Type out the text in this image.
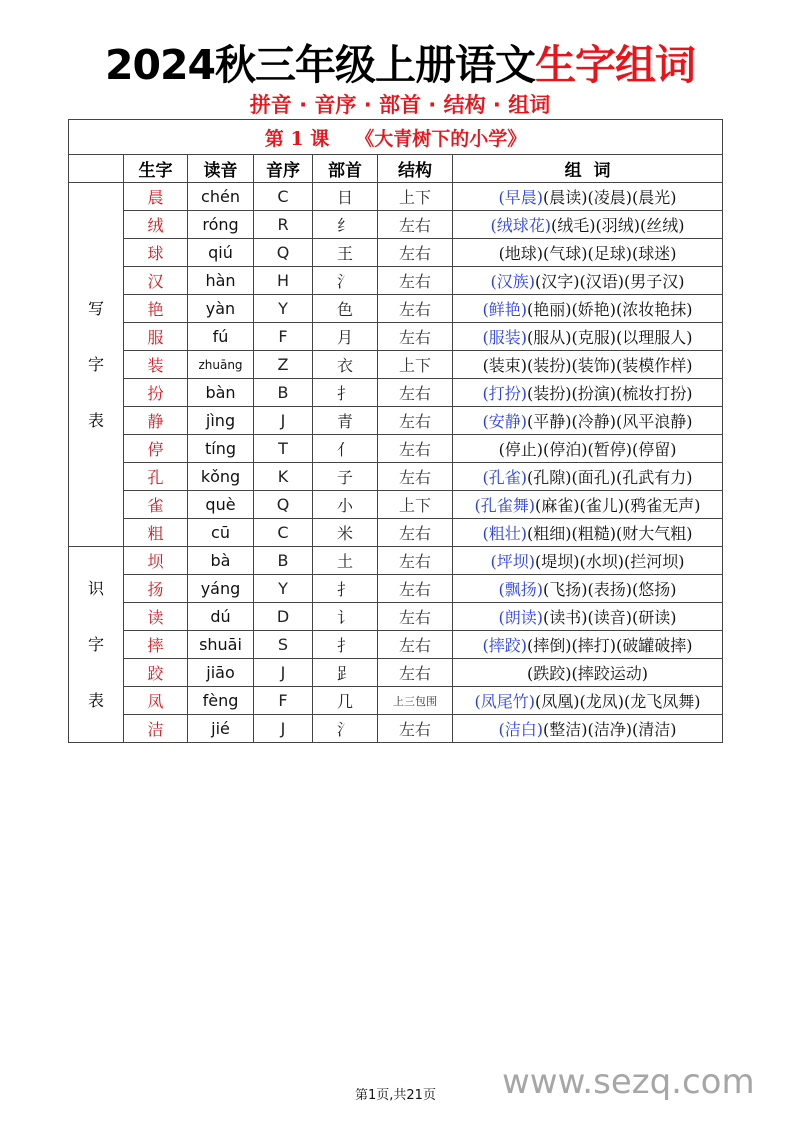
2024秋三年级上册语文生字组词
拼音 · 音序 · 部首 · 结构 · 组词
第 1 课 《大青树下的小学》						
	生字	读音	音序	部首	结构	组  词

写
字
表	晨	chén	C	日	上下	(早晨)(晨读)(凌晨)(晨光)
	绒	róng	R	纟	左右	(绒球花)(绒毛)(羽绒)(丝绒)
	球	qiú	Q	王	左右	(地球)(气球)(足球)(球迷)
	汉	hàn	H	氵	左右	(汉族)(汉字)(汉语)(男子汉)
	艳	yàn	Y	色	左右	(鲜艳)(艳丽)(娇艳)(浓妆艳抹)
	服	fú	F	月	左右	(服装)(服从)(克服)(以理服人)
	装	zhuāng	Z	衣	上下	(装束)(装扮)(装饰)(装模作样)
	扮	bàn	B	扌	左右	(打扮)(装扮)(扮演)(梳妆打扮)
	静	jìng	J	青	左右	(安静)(平静)(冷静)(风平浪静)
	停	tíng	T	亻	左右	(停止)(停泊)(暂停)(停留)
	孔	kǒng	K	子	左右	(孔雀)(孔隙)(面孔)(孔武有力)
	雀	què	Q	小	上下	(孔雀舞)(麻雀)(雀儿)(鸦雀无声)
	粗	cū	C	米	左右	(粗壮)(粗细)(粗糙)(财大气粗)

识
字
表	坝	bà	B	土	左右	(坪坝)(堤坝)(水坝)(拦河坝)
	扬	yáng	Y	扌	左右	(飘扬)(飞扬)(表扬)(悠扬)
	读	dú	D	讠	左右	(朗读)(读书)(读音)(研读)
	摔	shuāi	S	扌	左右	(摔跤)(摔倒)(摔打)(破罐破摔)
	跤	jiāo	J	𧾷	左右	(跌跤)(摔跤运动)
	凤	fèng	F	几	上三包围	(凤尾竹)(凤凰)(龙凤)(龙飞凤舞)
	洁	jié	J	氵	左右	(洁白)(整洁)(洁净)(清洁)
第1页,共21页 www.sezq.com
